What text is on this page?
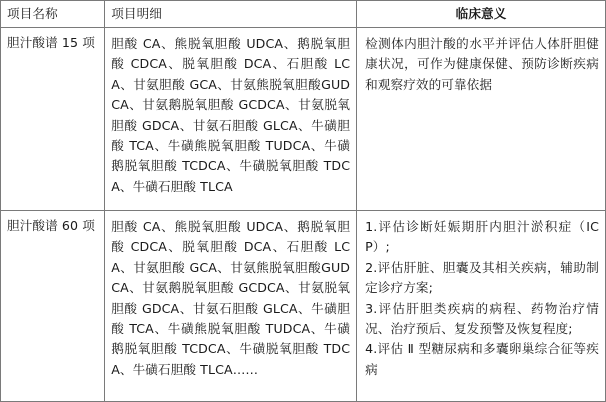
项目名称	项目明细	临床意义

胆汁酸谱 15 项	胆酸 CA、熊脱氧胆酸 UDCA、鹅脱氧胆酸 CDCA、脱氧胆酸 DCA、石胆酸 LCA、甘氨胆酸 GCA、甘氨熊脱氧胆酸GUDCA、甘氨鹅脱氧胆酸 GCDCA、甘氨脱氧胆酸 GDCA、甘氨石胆酸 GLCA、牛磺胆酸 TCA、牛磺熊脱氧胆酸 TUDCA、牛磺鹅脱氧胆酸 TCDCA、牛磺脱氧胆酸 TDCA、牛磺石胆酸 TLCA	检测体内胆汁酸的水平并评估人体肝胆健康状况，可作为健康保健、预防诊断疾病和观察疗效的可靠依据

胆汁酸谱 60 项	胆酸 CA、熊脱氧胆酸 UDCA、鹅脱氧胆酸 CDCA、脱氧胆酸 DCA、石胆酸 LCA、甘氨胆酸 GCA、甘氨熊脱氧胆酸GUDCA、甘氨鹅脱氧胆酸 GCDCA、甘氨脱氧胆酸 GDCA、甘氨石胆酸 GLCA、牛磺胆酸 TCA、牛磺熊脱氧胆酸 TUDCA、牛磺鹅脱氧胆酸 TCDCA、牛磺脱氧胆酸 TDCA、牛磺石胆酸 TLCA……	1.评估诊断妊娠期肝内胆汁淤积症（ICP）;
2.评估肝脏、胆囊及其相关疾病，辅助制定诊疗方案;
3.评估肝胆类疾病的病程、药物治疗情况、治疗预后、复发预警及恢复程度;
4.评估 Ⅱ 型糖尿病和多囊卵巢综合征等疾病
